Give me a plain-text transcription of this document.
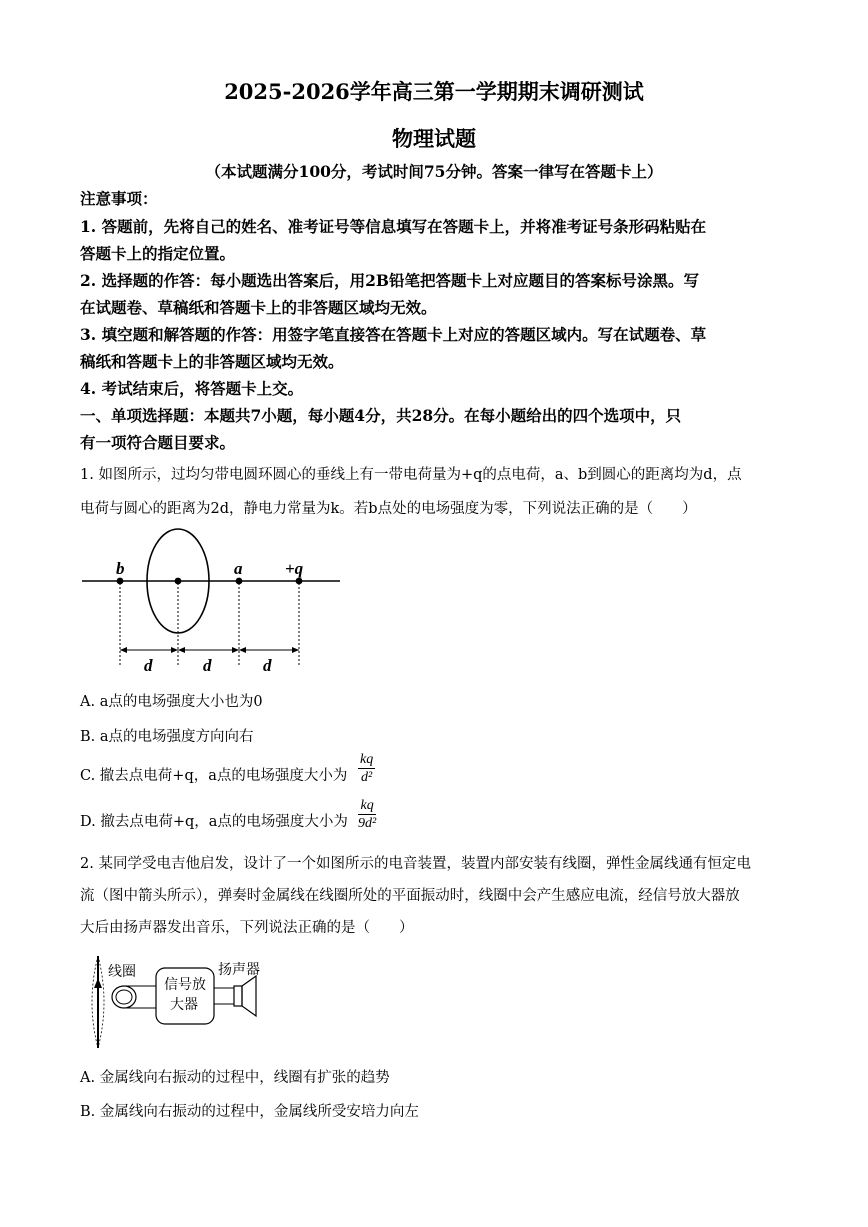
2025-2026学年高三第一学期期末调研测试
物理试题
（本试题满分100分，考试时间75分钟。答案一律写在答题卡上）
注意事项：
1. 答题前，先将自己的姓名、准考证号等信息填写在答题卡上，并将准考证号条形码粘贴在
答题卡上的指定位置。
2. 选择题的作答：每小题选出答案后，用2B铅笔把答题卡上对应题目的答案标号涂黑。写
在试题卷、草稿纸和答题卡上的非答题区域均无效。
3. 填空题和解答题的作答：用签字笔直接答在答题卡上对应的答题区域内。写在试题卷、草
稿纸和答题卡上的非答题区域均无效。
4. 考试结束后，将答题卡上交。
一、单项选择题：本题共7小题，每小题4分，共28分。在每小题给出的四个选项中，只
有一项符合题目要求。
1. 如图所示，过均匀带电圆环圆心的垂线上有一带电荷量为+q的点电荷，a、b到圆心的距离均为d，点
电荷与圆心的距离为2d，静电力常量为k。若b点处的电场强度为零，下列说法正确的是（　　）
b	a	+q
d	d	d
A. a点的电场强度大小也为0
B. a点的电场强度方向向右
C. 撤去点电荷+q，a点的电场强度大小为 $\frac{kq}{\text{d²}}$
D. 撤去点电荷+q，a点的电场强度大小为 $\frac{kq}{\text{9d²}}$
2. 某同学受电吉他启发，设计了一个如图所示的电音装置，装置内部安装有线圈，弹性金属线通有恒定电
流（图中箭头所示），弹奏时金属线在线圈所处的平面振动时，线圈中会产生感应电流，经信号放大器放
大后由扬声器发出音乐，下列说法正确的是（　　）
线圈
信号放
大器
扬声器
A. 金属线向右振动的过程中，线圈有扩张的趋势
B. 金属线向右振动的过程中，金属线所受安培力向左
